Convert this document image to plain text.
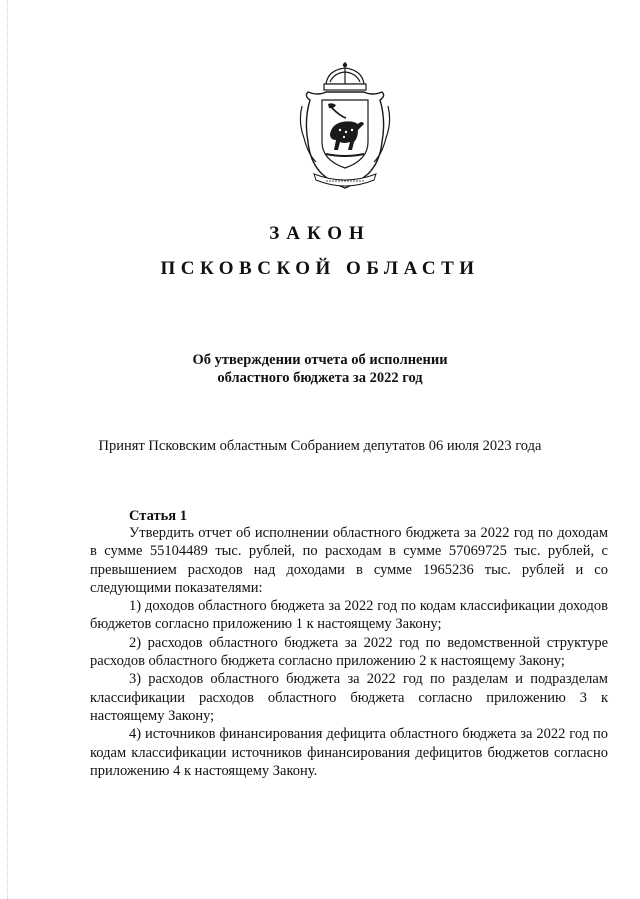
ЗАКОН
ПСКОВСКОЙ ОБЛАСТИ
Об утверждении отчета об исполнении
областного бюджета за 2022 год
Принят Псковским областным Собранием депутатов 06 июля 2023 года
Статья 1

Утвердить отчет об исполнении областного бюджета за 2022 год по доходам в сумме 55104489 тыс. рублей, по расходам в сумме 57069725 тыс. рублей, с превышением расходов над доходами в сумме 1965236 тыс. рублей и со следующими показателями:

1) доходов областного бюджета за 2022 год по кодам классификации доходов бюджетов согласно приложению 1 к настоящему Закону;

2) расходов областного бюджета за 2022 год по ведомственной структуре расходов областного бюджета согласно приложению 2 к настоящему Закону;

3) расходов областного бюджета за 2022 год по разделам и подразделам классификации расходов областного бюджета согласно приложению 3 к настоящему Закону;

4) источников финансирования дефицита областного бюджета за 2022 год по кодам классификации источников финансирования дефицитов бюджетов согласно приложению 4 к настоящему Закону.
